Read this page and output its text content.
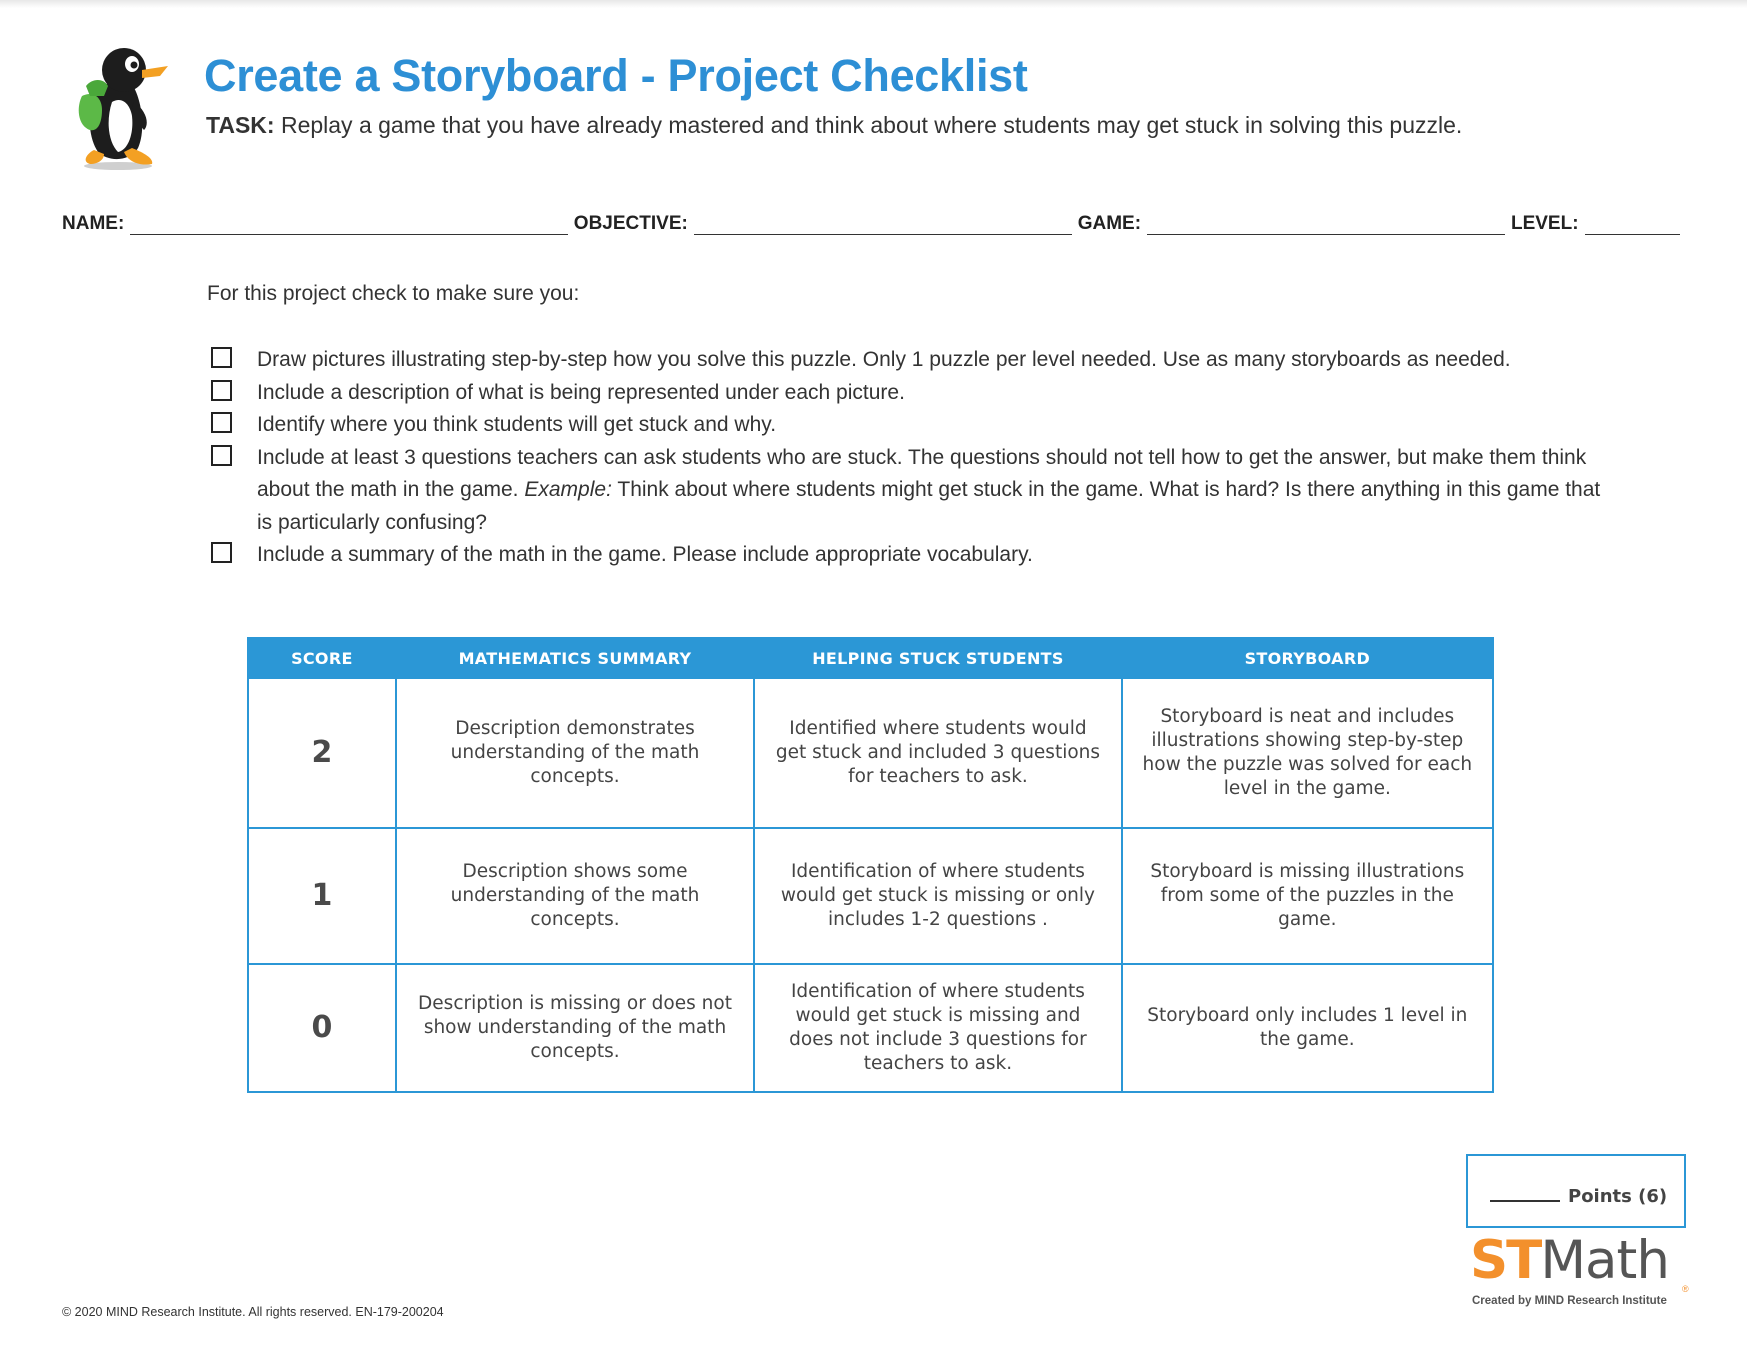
Create a Storyboard - Project Checklist
TASK: Replay a game that you have already mastered and think about where students may get stuck in solving this puzzle.
NAME:	OBJECTIVE:	GAME:	LEVEL:
For this project check to make sure you:
Draw pictures illustrating step-by-step how you solve this puzzle. Only 1 puzzle per level needed. Use as many storyboards as needed.
Include a description of what is being represented under each picture.
Identify where you think students will get stuck and why.
Include at least 3 questions teachers can ask students who are stuck. The questions should not tell how to get the answer, but make them think about the math in the game. Example: Think about where students might get stuck in the game. What is hard? Is there anything in this game that is particularly confusing?
Include a summary of the math in the game. Please include appropriate vocabulary.
SCORE	MATHEMATICS SUMMARY	HELPING STUCK STUDENTS	STORYBOARD
2	Description demonstrates understanding of the math concepts.	Identified where students would get stuck and included 3 questions for teachers to ask.	Storyboard is neat and includes illustrations showing step-by-step how the puzzle was solved for each level in the game.
1	Description shows some understanding of the math concepts.	Identification of where students would get stuck is missing or only includes 1-2 questions .	Storyboard is missing illustrations from some of the puzzles in the game.
0	Description is missing or does not show understanding of the math concepts.	Identification of where students would get stuck is missing and does not include 3 questions for teachers to ask.	Storyboard only includes 1 level in the game.
Points (6)
© 2020 MIND Research Institute. All rights reserved. EN-179-200204
STMath ®
Created by MIND Research Institute
